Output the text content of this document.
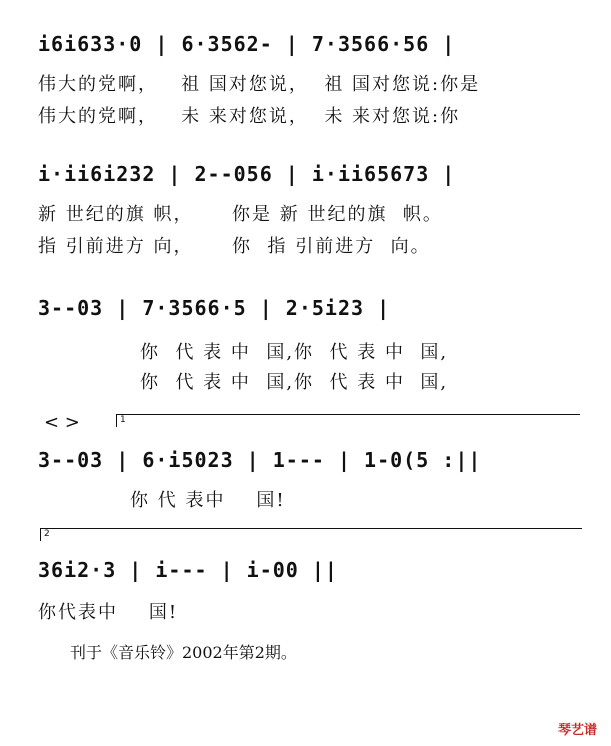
i6i633·0 | 6·3562- | 7·3566·56 |
伟大的党啊，   祖 国对您说，  祖 国对您说:你是
伟大的党啊，   未 来对您说，  未 来对您说:你
i·ii6i232 | 2--056 | i·ii65673 |
新 世纪的旗 帜，     你是 新 世纪的旗  帜。
指 引前进方 向，     你  指 引前进方  向。
3--03 | 7·3566·5 | 2·5i23 |
你  代 表 中  国,你  代 表 中  国,
你  代 表 中  国,你  代 表 中  国,
< >	1
3--03 | 6·i5023 | 1--- | 1-0(5 :||
你 代 表中    国!
2
36i2·3 | i--- | i-00 ||
你代表中    国!
刊于《音乐铃》2002年第2期。
琴艺谱
